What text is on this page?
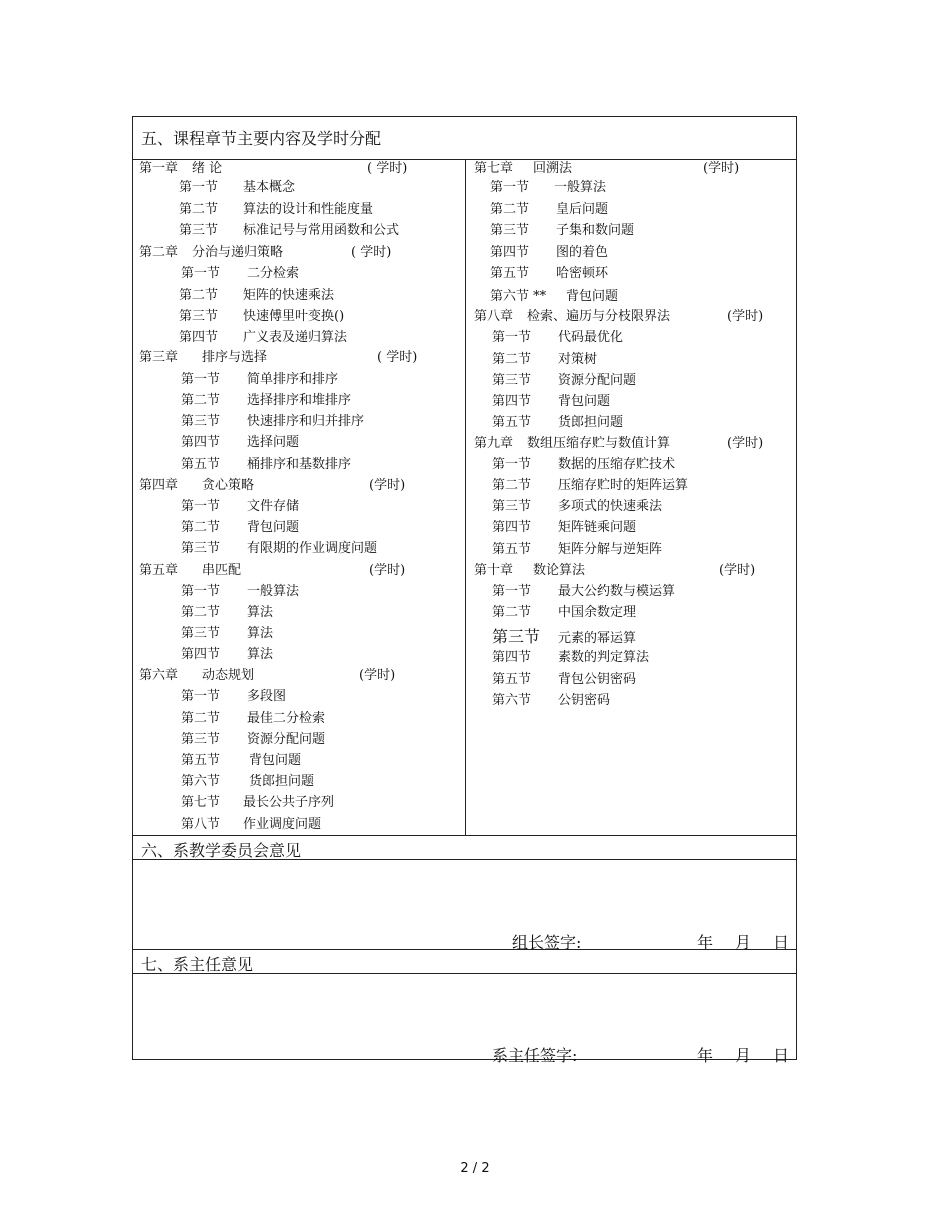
五、课程章节主要内容及学时分配
第一章 绪 论	( 学时)
第一节 基本概念
第二节 算法的设计和性能度量
第三节 标准记号与常用函数和公式
第二章 分治与递归策略	( 学时)
第一节 二分检索
第二节 矩阵的快速乘法
第三节 快速傅里叶变换()
第四节 广义表及递归算法
第三章 排序与选择	( 学时)
第一节 简单排序和排序
第二节 选择排序和堆排序
第三节 快速排序和归并排序
第四节 选择问题
第五节 桶排序和基数排序
第四章 贪心策略	(学时)
第一节 文件存储
第二节 背包问题
第三节 有限期的作业调度问题
第五章 串匹配	(学时)
第一节 一般算法
第二节 算法
第三节 算法
第四节 算法
第六章 动态规划	(学时)
第一节 多段图
第二节 最佳二分检索
第三节 资源分配问题
第五节 背包问题
第六节 货郎担问题
第七节 最长公共子序列
第八节 作业调度问题
第七章 回溯法	(学时)
第一节 一般算法
第二节 皇后问题
第三节 子集和数问题
第四节 图的着色
第五节 哈密顿环
第六节 ** 背包问题
第八章 检索、遍历与分枝限界法	(学时)
第一节 代码最优化
第二节 对策树
第三节 资源分配问题
第四节 背包问题
第五节 货郎担问题
第九章 数组压缩存贮与数值计算	(学时)
第一节 数据的压缩存贮技术
第二节 压缩存贮时的矩阵运算
第三节 多项式的快速乘法
第四节 矩阵链乘问题
第五节 矩阵分解与逆矩阵
第十章 数论算法	(学时)
第一节 最大公约数与模运算
第二节 中国余数定理
第三节 元素的幂运算
第四节 素数的判定算法
第五节 背包公钥密码
第六节 公钥密码
六、系教学委员会意见
组长签字:	年 月 日
七、系主任意见
系主任签字:	年 月 日
2 / 2
